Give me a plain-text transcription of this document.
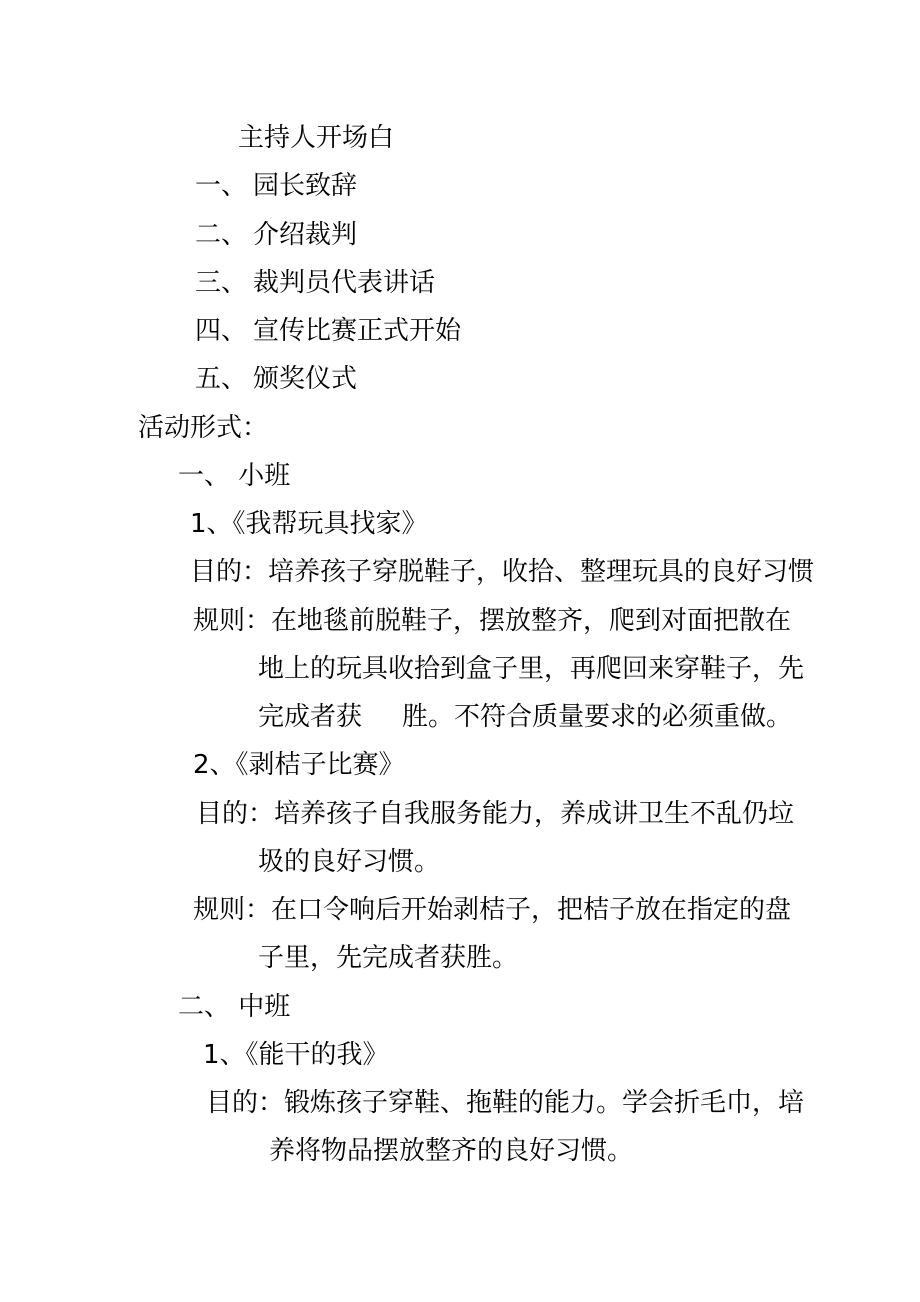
主持人开场白
一、 园长致辞
二、 介绍裁判
三、 裁判员代表讲话
四、 宣传比赛正式开始
五、 颁奖仪式
活动形式：
一、 小班
1、《我帮玩具找家》
目的：培养孩子穿脱鞋子，收拾、整理玩具的良好习惯
规则：在地毯前脱鞋子，摆放整齐，爬到对面把散在
地上的玩具收拾到盒子里，再爬回来穿鞋子，先
完成者获 胜。不符合质量要求的必须重做。
2、《剥桔子比赛》
目的：培养孩子自我服务能力，养成讲卫生不乱仍垃
圾的良好习惯。
规则：在口令响后开始剥桔子，把桔子放在指定的盘
子里，先完成者获胜。
二、 中班
1、《能干的我》
目的：锻炼孩子穿鞋、拖鞋的能力。学会折毛巾，培
养将物品摆放整齐的良好习惯。
